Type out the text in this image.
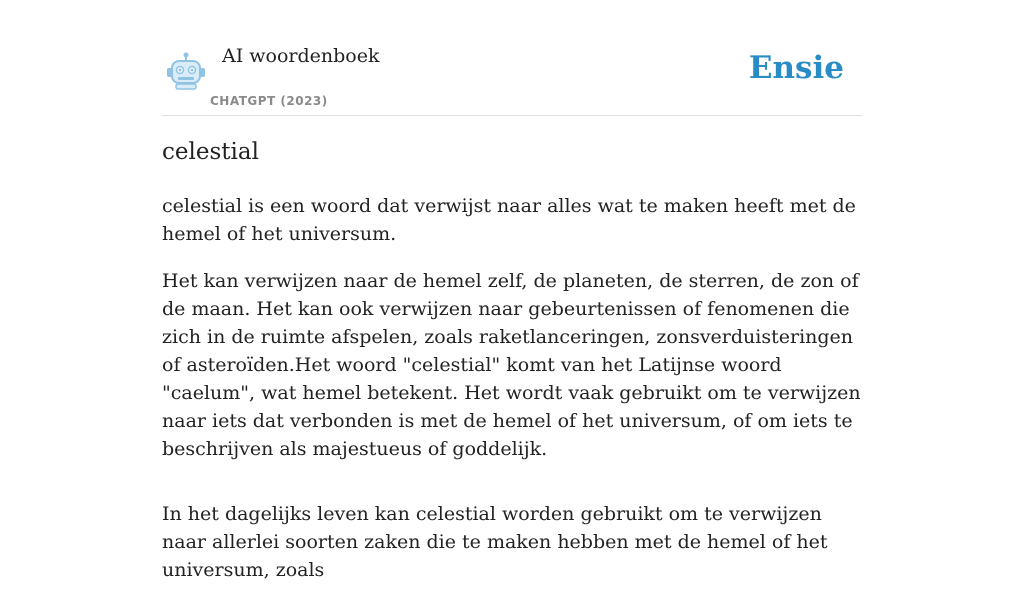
AI woordenboek
CHATGPT (2023)
Ensie
celestial

celestial is een woord dat verwijst naar alles wat te maken heeft met de hemel of het universum.

Het kan verwijzen naar de hemel zelf, de planeten, de sterren, de zon of de maan. Het kan ook verwijzen naar gebeurtenissen of fenomenen die zich in de ruimte afspelen, zoals raketlanceringen, zonsverduisteringen of asteroïden.Het woord "celestial" komt van het Latijnse woord "caelum", wat hemel betekent. Het wordt vaak gebruikt om te verwijzen naar iets dat verbonden is met de hemel of het universum, of om iets te beschrijven als majestueus of goddelijk.

In het dagelijks leven kan celestial worden gebruikt om te verwijzen naar allerlei soorten zaken die te maken hebben met de hemel of het universum, zoals
